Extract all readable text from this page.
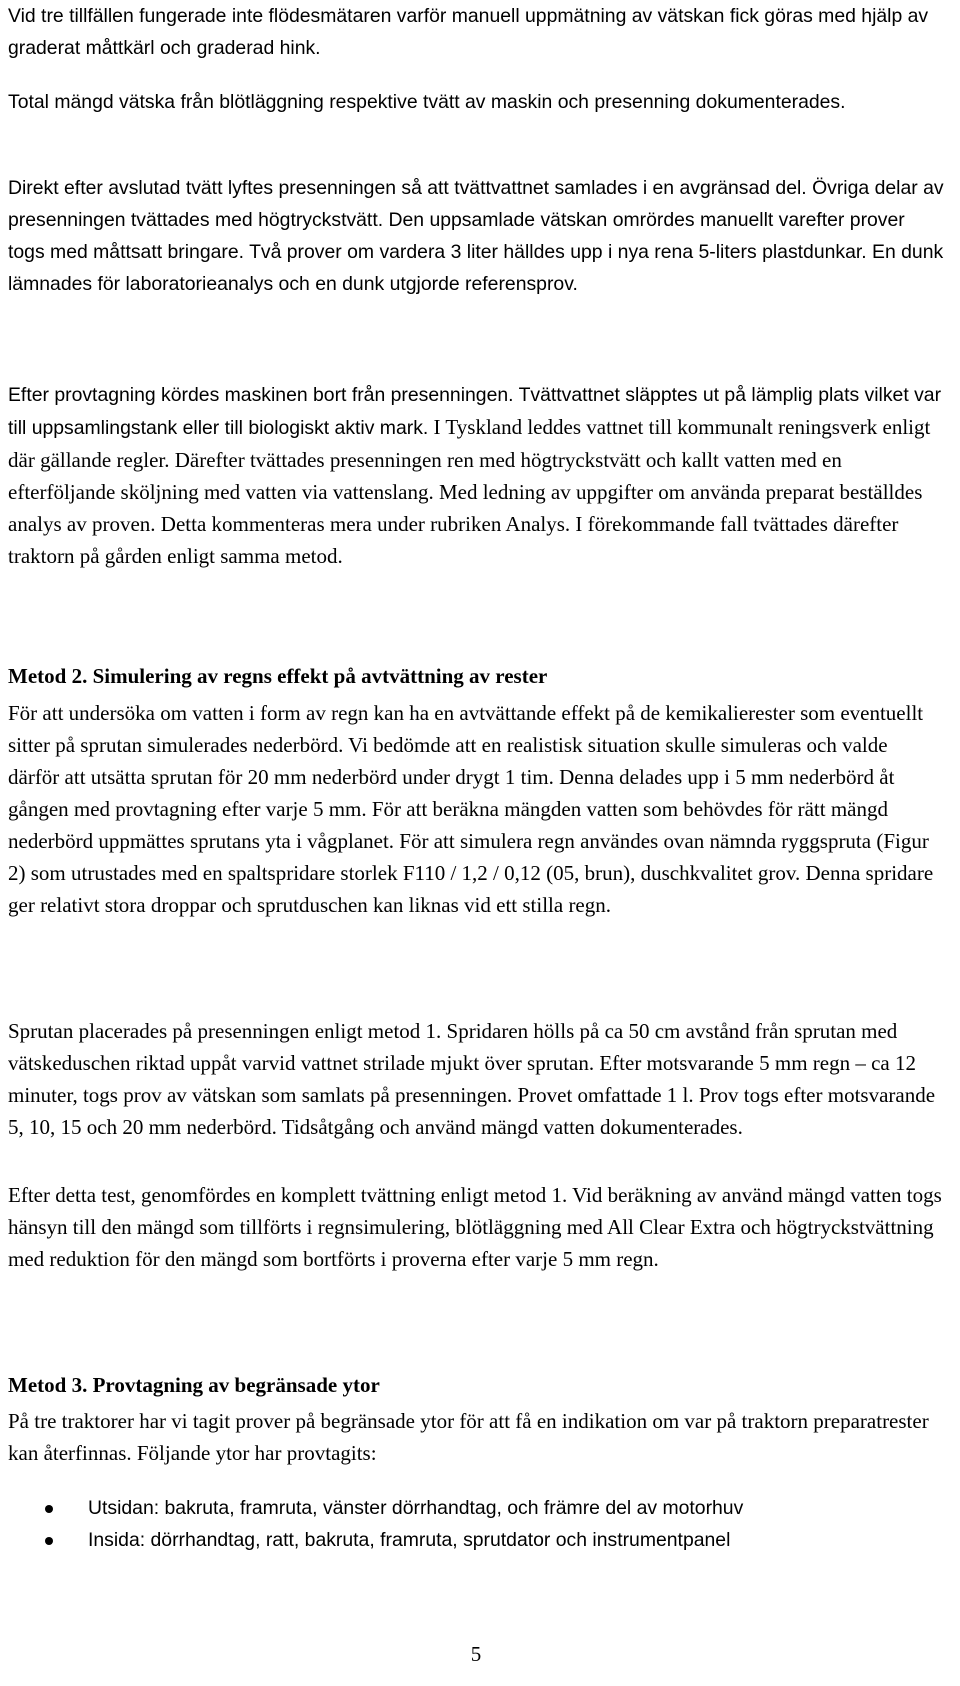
Vid tre tillfällen fungerade inte flödesmätaren varför manuell uppmätning av vätskan fick göras med hjälp av graderat måttkärl och graderad hink.

Total mängd vätska från blötläggning respektive tvätt av maskin och presenning dokumenterades.

Direkt efter avslutad tvätt lyftes presenningen så att tvättvattnet samlades i en avgränsad del. Övriga delar av presenningen tvättades med högtryckstvätt. Den uppsamlade vätskan omrördes manuellt varefter prover togs med måttsatt bringare. Två prover om vardera 3 liter hälldes upp i nya rena 5-liters plastdunkar. En dunk lämnades för laboratorieanalys och en dunk utgjorde referensprov.

Efter provtagning kördes maskinen bort från presenningen. Tvättvattnet släpptes ut på lämplig plats vilket var till uppsamlingstank eller till biologiskt aktiv mark. I Tyskland leddes vattnet till kommunalt reningsverk enligt där gällande regler. Därefter tvättades presenningen ren med högtryckstvätt och kallt vatten med en efterföljande sköljning med vatten via vattenslang. Med ledning av uppgifter om använda preparat beställdes analys av proven. Detta kommenteras mera under rubriken Analys. I förekommande fall tvättades därefter traktorn på gården enligt samma metod.

Metod 2. Simulering av regns effekt på avtvättning av rester

För att undersöka om vatten i form av regn kan ha en avtvättande effekt på de kemikalierester som eventuellt sitter på sprutan simulerades nederbörd. Vi bedömde att en realistisk situation skulle simuleras och valde därför att utsätta sprutan för 20 mm nederbörd under drygt 1 tim. Denna delades upp i 5 mm nederbörd åt gången med provtagning efter varje 5 mm. För att beräkna mängden vatten som behövdes för rätt mängd nederbörd uppmättes sprutans yta i vågplanet. För att simulera regn användes ovan nämnda ryggspruta (Figur 2) som utrustades med en spaltspridare storlek F110 / 1,2 / 0,12 (05, brun), duschkvalitet grov. Denna spridare ger relativt stora droppar och sprutduschen kan liknas vid ett stilla regn.

Sprutan placerades på presenningen enligt metod 1. Spridaren hölls på ca 50 cm avstånd från sprutan med vätskeduschen riktad uppåt varvid vattnet strilade mjukt över sprutan. Efter motsvarande 5 mm regn – ca 12 minuter, togs prov av vätskan som samlats på presenningen. Provet omfattade 1 l. Prov togs efter motsvarande 5, 10, 15 och 20 mm nederbörd. Tidsåtgång och använd mängd vatten dokumenterades.

Efter detta test, genomfördes en komplett tvättning enligt metod 1. Vid beräkning av använd mängd vatten togs hänsyn till den mängd som tillförts i regnsimulering, blötläggning med All Clear Extra och högtryckstvättning med reduktion för den mängd som bortförts i proverna efter varje 5 mm regn.

Metod 3. Provtagning av begränsade ytor

På tre traktorer har vi tagit prover på begränsade ytor för att få en indikation om var på traktorn preparatrester kan återfinnas. Följande ytor har provtagits:

Utsidan: bakruta, framruta, vänster dörrhandtag, och främre del av motorhuv
Insida: dörrhandtag, ratt, bakruta, framruta, sprutdator och instrumentpanel
5
